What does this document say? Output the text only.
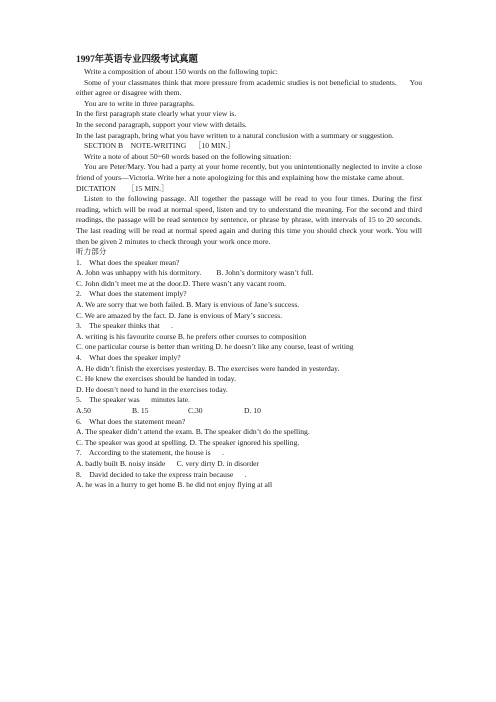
1997年英语专业四级考试真题

Write a composition of about 150 words on the following topic:

Some of your classmates think that more pressure from academic studies is not beneficial to students.      You either agree or disagree with them.

You are to write in three paragraphs.

In the first paragraph state clearly what your view is.

In the second paragraph, support your view with details.

In the last paragraph, bring what you have written to a natural conclusion with a summary or suggestion.

SECTION B    NOTE-WRITING    ［10 MIN.］

Write a note of about 50~60 words based on the following situation:

You are Peter/Mary. You had a party at your home recently, but you unintentionally neglected to invite a close friend of yours—Victoria. Write her a note apologizing for this and explaining how the mistake came about.

DICTATION      ［15 MIN.］

Listen to the following passage. All together the passage will be read to you four times. During the first reading, which will be read at normal speed, listen and try to understand the meaning. For the second and third readings, the passage will be read sentence by sentence, or phrase by phrase, with intervals of 15 to 20 seconds. The last reading will be read at normal speed again and during this time you should check your work. You will then be given 2 minutes to check through your work once more.

听力部分

1.    What does the speaker mean?

A. John was unhappy with his dormitory.        B. John’s dormitory wasn’t full.

C. John didn’t meet me at the door.D. There wasn’t any vacant room.

2.    What does the statement imply?

A. We are sorry that we both failed. B. Mary is envious of Jane’s success.

C. We are amazed by the fact. D. Jane is envious of Mary’s success.

3.    The speaker thinks that      .

A. writing is his favourite course B. he prefers other courses to composition

C. one particular course is better than writing D. he doesn’t like any course, least of writing

4.    What does the speaker imply?

A. He didn’t finish the exercises yesterday. B. The exercises were handed in yesterday.

C. He knew the exercises should be handed in today.

D. He doesn’t need to hand in the exercises today.

5.    The speaker was      minutes late.

A.50	B. 15	C.30	D. 10

6.    What does the statement mean?

A. The speaker didn’t attend the exam. B. The speaker didn’t do the spelling.

C. The speaker was good at spelling. D. The speaker ignored his spelling.

7.    According to the statement, the house is      .

A. badly built B. noisy inside      C. very dirty D. in disorder

8.    David decided to take the express train because      .

A. he was in a hurry to get home B. he did not enjoy flying at all
